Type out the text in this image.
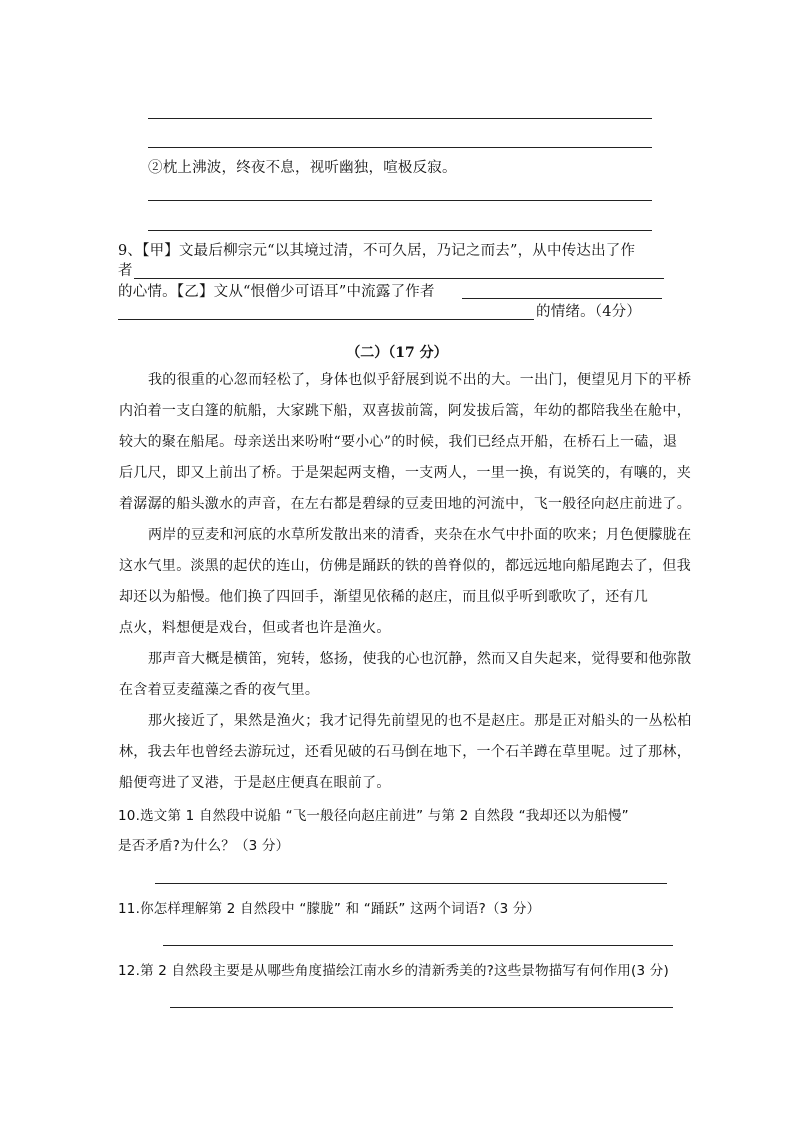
②枕上沸波，终夜不息，视听幽独，喧极反寂。
9、【甲】文最后柳宗元“以其境过清，不可久居，乃记之而去”，从中传达出了作
者
的心情。【乙】文从“恨僧少可语耳”中流露了作者
的情绪。（4分）
（二）（17 分）
我的很重的心忽而轻松了，身体也似乎舒展到说不出的大。一出门，便望见月下的平桥
内泊着一支白篷的航船，大家跳下船，双喜拔前篙，阿发拔后篙，年幼的都陪我坐在舱中，
较大的聚在船尾。母亲送出来吩咐“要小心”的时候，我们已经点开船，在桥石上一磕，退
后几尺，即又上前出了桥。于是架起两支橹，一支两人，一里一换，有说笑的，有嚷的，夹
着潺潺的船头激水的声音，在左右都是碧绿的豆麦田地的河流中，飞一般径向赵庄前进了。
两岸的豆麦和河底的水草所发散出来的清香，夹杂在水气中扑面的吹来；月色便朦胧在
这水气里。淡黑的起伏的连山，仿佛是踊跃的铁的兽脊似的，都远远地向船尾跑去了，但我
却还以为船慢。他们换了四回手，渐望见依稀的赵庄，而且似乎听到歌吹了，还有几
点火，料想便是戏台，但或者也许是渔火。
那声音大概是横笛，宛转，悠扬，使我的心也沉静，然而又自失起来，觉得要和他弥散
在含着豆麦蕴藻之香的夜气里。
那火接近了，果然是渔火；我才记得先前望见的也不是赵庄。那是正对船头的一丛松柏
林，我去年也曾经去游玩过，还看见破的石马倒在地下，一个石羊蹲在草里呢。过了那林，
船便弯进了叉港，于是赵庄便真在眼前了。
10.选文第 1 自然段中说船 “飞一般径向赵庄前进” 与第 2 自然段 “我却还以为船慢”
是否矛盾?为什么？（3 分）
11.你怎样理解第 2 自然段中 “朦胧” 和 “踊跃” 这两个词语?（3 分）
12.第 2 自然段主要是从哪些角度描绘江南水乡的清新秀美的?这些景物描写有何作用(3 分)
